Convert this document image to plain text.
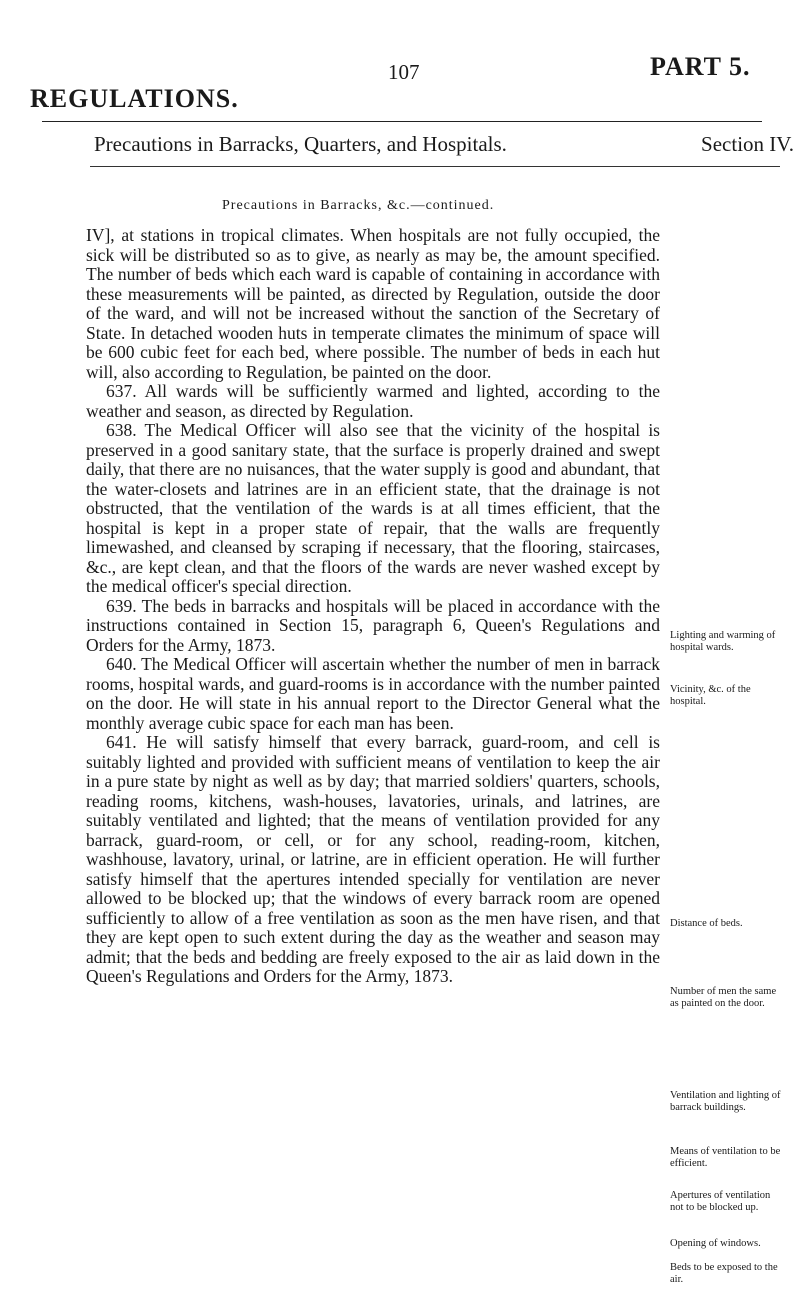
REGULATIONS.
107	PART 5.
Precautions in Barracks, Quarters, and Hospitals.	Section IV.
Precautions in Barracks, &c.—continued.

IV], at stations in tropical climates. When hospitals are not fully occupied, the sick will be distributed so as to give, as nearly as may be, the amount specified. The number of beds which each ward is capable of containing in accordance with these measurements will be painted, as directed by Regulation, outside the door of the ward, and will not be increased without the sanction of the Secretary of State. In detached wooden huts in temperate climates the minimum of space will be 600 cubic feet for each bed, where possible. The number of beds in each hut will, also according to Regulation, be painted on the door.

637. All wards will be sufficiently warmed and lighted, according to the weather and season, as directed by Regulation.

638. The Medical Officer will also see that the vicinity of the hospital is preserved in a good sanitary state, that the surface is properly drained and swept daily, that there are no nuisances, that the water supply is good and abundant, that the water-closets and latrines are in an efficient state, that the drainage is not obstructed, that the ventilation of the wards is at all times efficient, that the hospital is kept in a proper state of repair, that the walls are frequently limewashed, and cleansed by scraping if necessary, that the flooring, staircases, &c., are kept clean, and that the floors of the wards are never washed except by the medical officer's special direction.

639. The beds in barracks and hospitals will be placed in accordance with the instructions contained in Section 15, paragraph 6, Queen's Regulations and Orders for the Army, 1873.

640. The Medical Officer will ascertain whether the number of men in barrack rooms, hospital wards, and guard-rooms is in accordance with the number painted on the door. He will state in his annual report to the Director General what the monthly average cubic space for each man has been.

641. He will satisfy himself that every barrack, guard-room, and cell is suitably lighted and provided with sufficient means of ventilation to keep the air in a pure state by night as well as by day; that married soldiers' quarters, schools, reading rooms, kitchens, wash-houses, lavatories, urinals, and latrines, are suitably ventilated and lighted; that the means of ventilation provided for any barrack, guard-room, or cell, or for any school, reading-room, kitchen, washhouse, lavatory, urinal, or latrine, are in efficient operation. He will further satisfy himself that the apertures intended specially for ventilation are never allowed to be blocked up; that the windows of every barrack room are opened sufficiently to allow of a free ventilation as soon as the men have risen, and that they are kept open to such extent during the day as the weather and season may admit; that the beds and bedding are freely exposed to the air as laid down in the Queen's Regulations and Orders for the Army, 1873.

Lighting and warming of hospital wards.
Vicinity, &c. of the hospital.
Distance of beds.
Number of men the same as painted on the door.
Ventilation and lighting of barrack buildings.
Means of ventilation to be efficient.
Apertures of ventilation not to be blocked up.
Opening of windows.
Beds to be exposed to the air.
